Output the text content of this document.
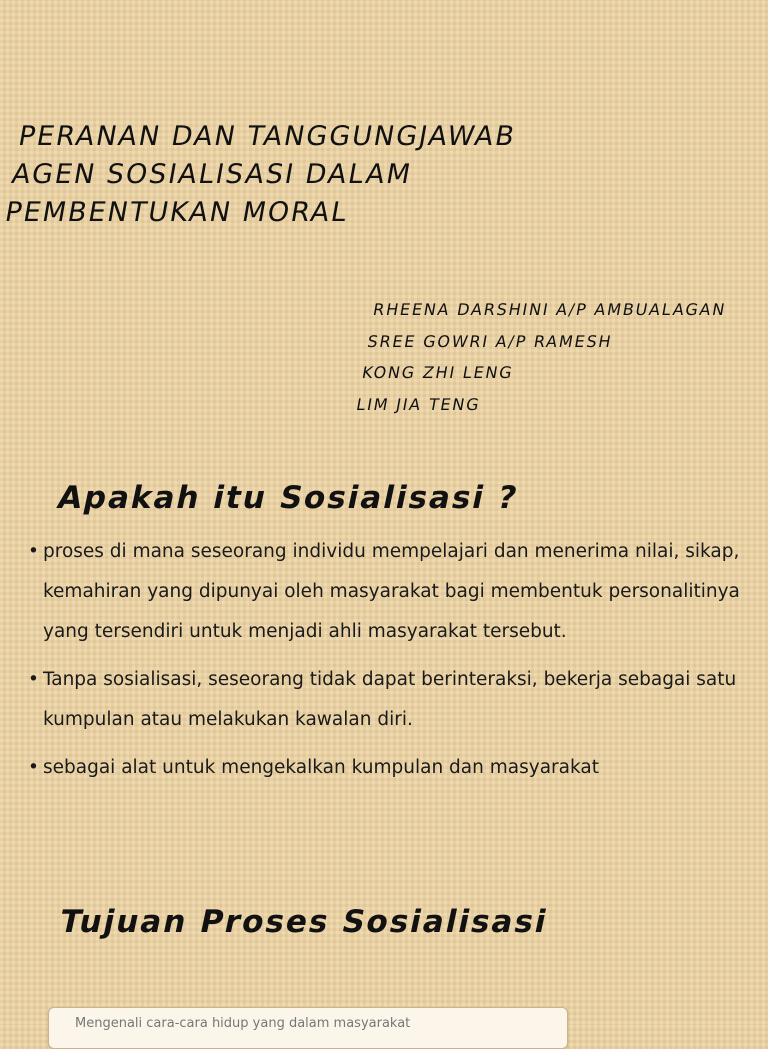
PERANAN DAN TANGGUNGJAWAB
AGEN SOSIALISASI DALAM
PEMBENTUKAN MORAL
RHEENA DARSHINI A/P AMBUALAGAN
SREE GOWRI A/P RAMESH
KONG ZHI LENG
LIM JIA TENG
Apakah itu Sosialisasi ?
• proses di mana seseorang individu mempelajari dan menerima nilai, sikap, kemahiran yang dipunyai oleh masyarakat bagi membentuk personalitinya yang tersendiri untuk menjadi ahli masyarakat tersebut.
• Tanpa sosialisasi, seseorang tidak dapat berinteraksi, bekerja sebagai satu kumpulan atau melakukan kawalan diri.
• sebagai alat untuk mengekalkan kumpulan dan masyarakat
Tujuan Proses Sosialisasi
Mengenali cara-cara hidup yang dalam masyarakat
